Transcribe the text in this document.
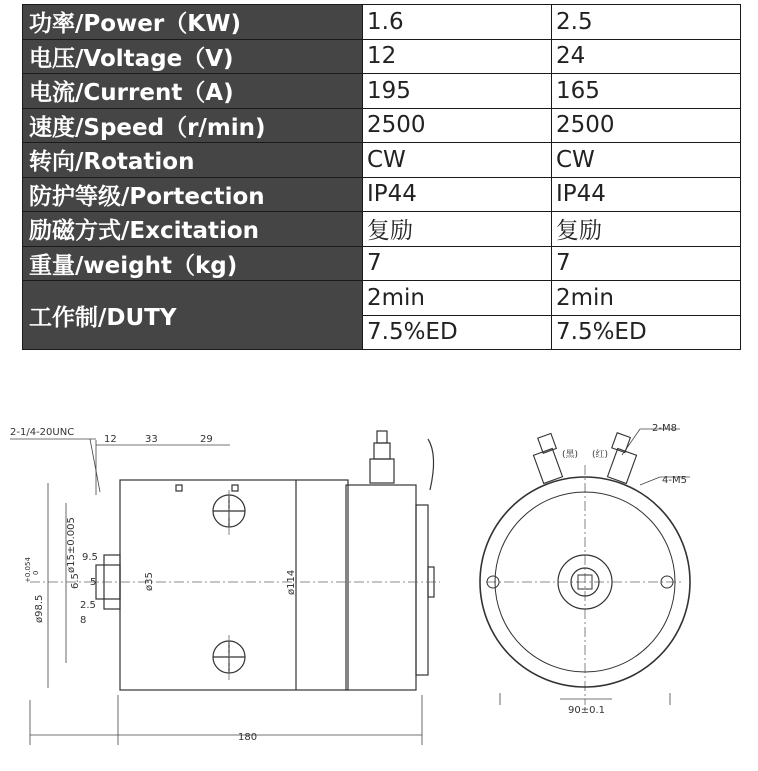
功率/Power（KW)	1.6	2.5
电压/Voltage（V)	12	24
电流/Current（A)	195	165
速度/Speed（r/min)	2500	2500
转向/Rotation	CW	CW
防护等级/Portection	IP44	IP44
励磁方式/Excitation	复励	复励
重量/weight（kg)	7	7
工作制/DUTY	2min	2min
	7.5%ED	7.5%ED
2-1/4-20UNC
12	33	29
ø15±0.005 9.5
6.5 5
2.5
8
ø35
ø98.5
+0.054 0	ø114
180
2-M8
4-M5
(黑) (红)
90±0.1
